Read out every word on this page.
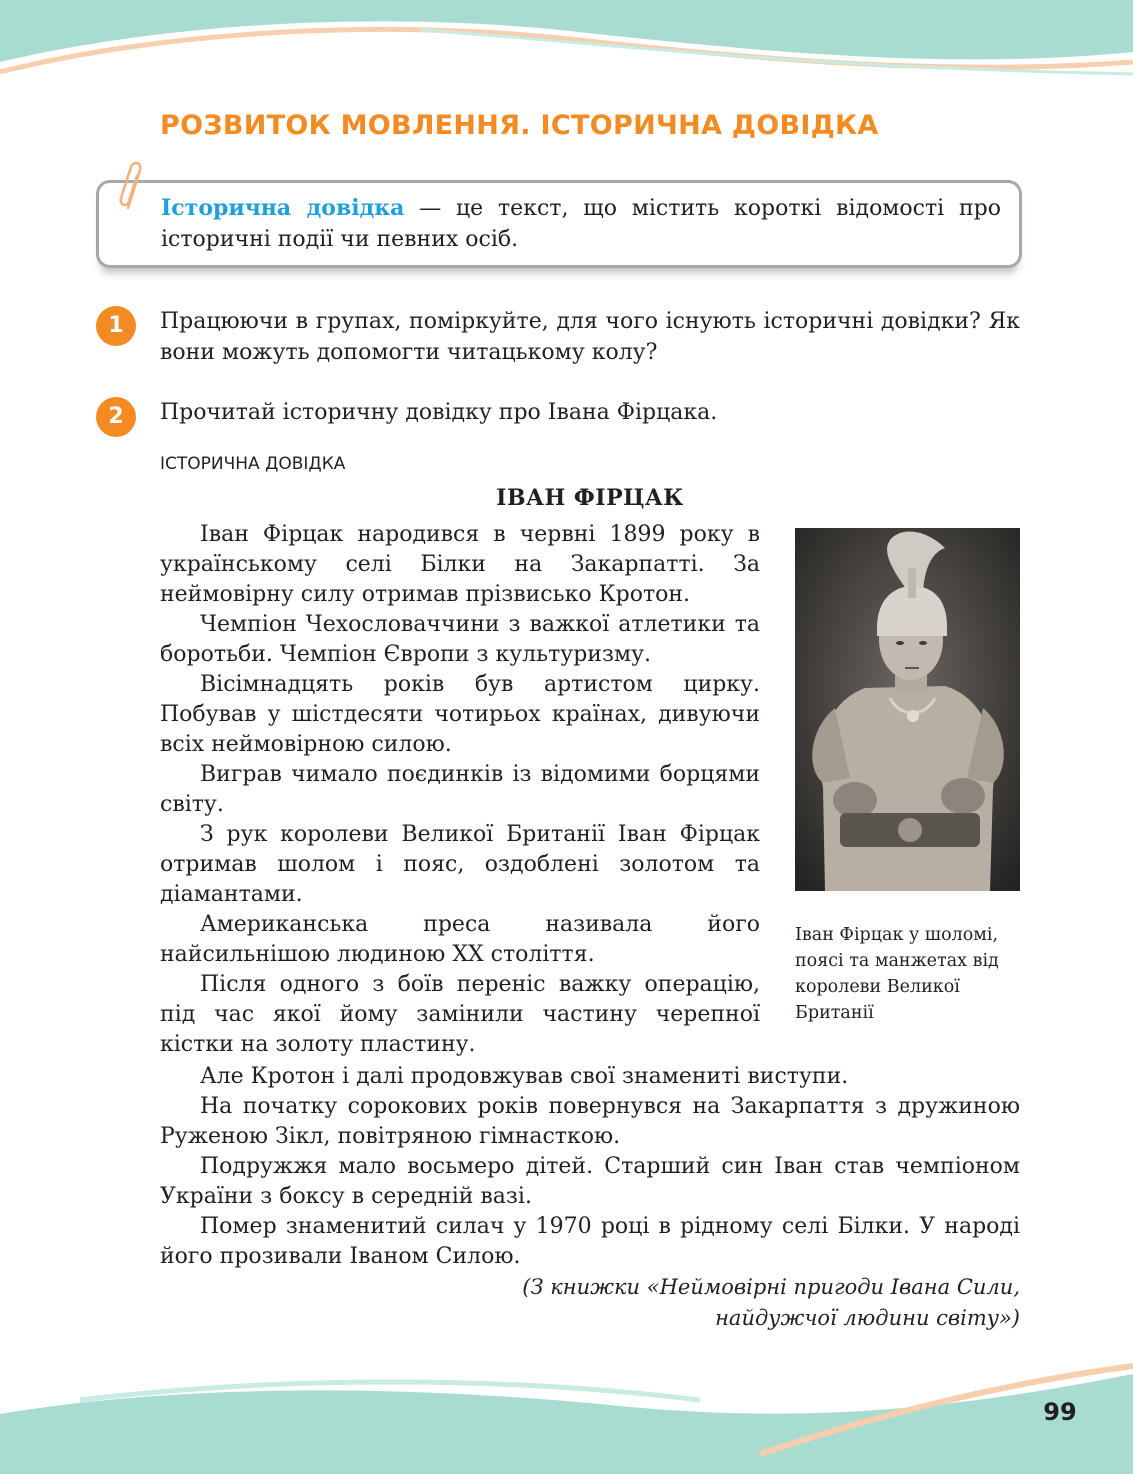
РОЗВИТОК МОВЛЕННЯ. ІСТОРИЧНА ДОВІДКА

Історична довідка — це текст, що містить короткі відомості про історичні події чи певних осіб.

1	Працюючи в групах, поміркуйте, для чого існують історичні довідки? Як вони можуть допомогти читацькому колу?

2	Прочитай історичну довідку про Івана Фірцака.

ІСТОРИЧНА ДОВІДКА
ІВАН ФІРЦАК

Іван Фірцак народився в червні 1899 року в українському селі Білки на Закарпатті. За неймовірну силу отримав прізвисько Кротон.

Чемпіон Чехословаччини з важкої атлетики та боротьби. Чемпіон Європи з культуризму.

Вісімнадцять років був артистом цирку. Побував у шістдесяти чотирьох країнах, дивуючи всіх неймовірною силою.

Виграв чимало поєдинків із відомими борцями світу.

З рук королеви Великої Британії Іван Фірцак отримав шолом і пояс, оздоблені золотом та діамантами.

Американська преса називала його найсильнішою людиною XX століття.

Після одного з боїв переніс важку операцію, під час якої йому замінили частину черепної кістки на золоту пластину.

Іван Фірцак у шоломі, поясі та манжетах від королеви Великої Британії

Але Кротон і далі продовжував свої знамениті виступи.

На початку сорокових років повернувся на Закарпаття з дружиною Руженою Зікл, повітряною гімнасткою.

Подружжя мало восьмеро дітей. Старший син Іван став чемпіоном України з боксу в середній вазі.

Помер знаменитий силач у 1970 році в рідному селі Білки. У народі його прозивали Іваном Силою.

(З книжки «Неймовірні пригоди Івана Сили,
найдужчої людини світу»)
99
